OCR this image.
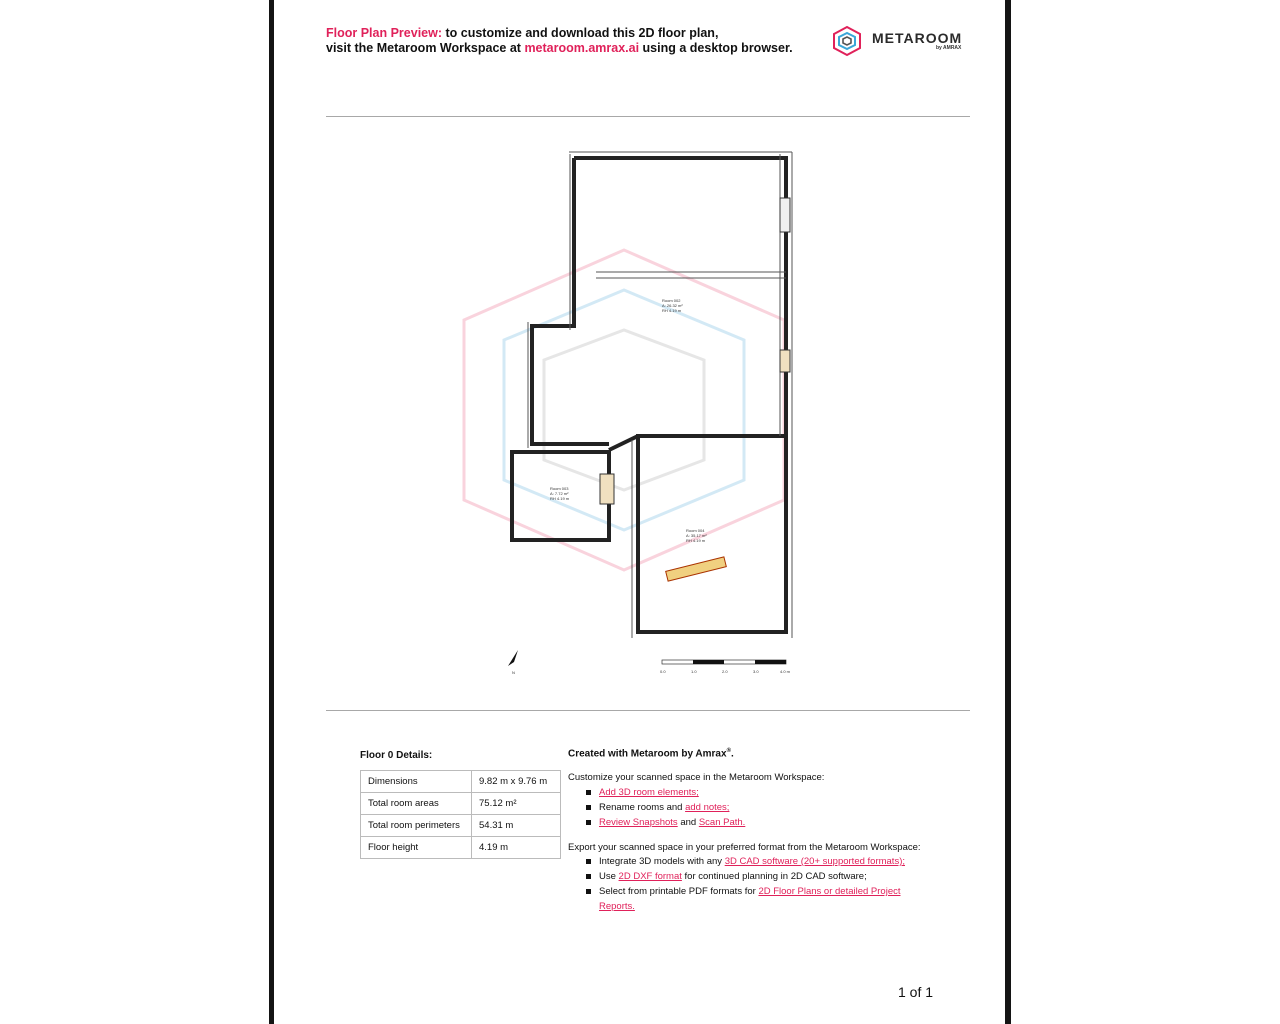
Floor Plan Preview: to customize and download this 2D floor plan,
visit the Metaroom Workspace at metaroom.amrax.ai using a desktop browser.
METAROOM
by AMRAX
Room 002
A: 26.32 m²
RH 4.19 m
Room 003
A: 7.72 m²
RH 4.19 m
Room 004
A: 35.17 m²
RH 4.19 m
N	0.0	1.0	2.0	3.0	4.0 m
Floor 0 Details:
Dimensions	9.82 m x 9.76 m
Total room areas	75.12 m²
Total room perimeters	54.31 m
Floor height	4.19 m
Created with Metaroom by Amrax®.
Customize your scanned space in the Metaroom Workspace:
Add 3D room elements;
Rename rooms and add notes;
Review Snapshots and Scan Path.
Export your scanned space in your preferred format from the Metaroom Workspace:
Integrate 3D models with any 3D CAD software (20+ supported formats);
Use 2D DXF format for continued planning in 2D CAD software;
Select from printable PDF formats for 2D Floor Plans or detailed Project Reports.
1 of 1
